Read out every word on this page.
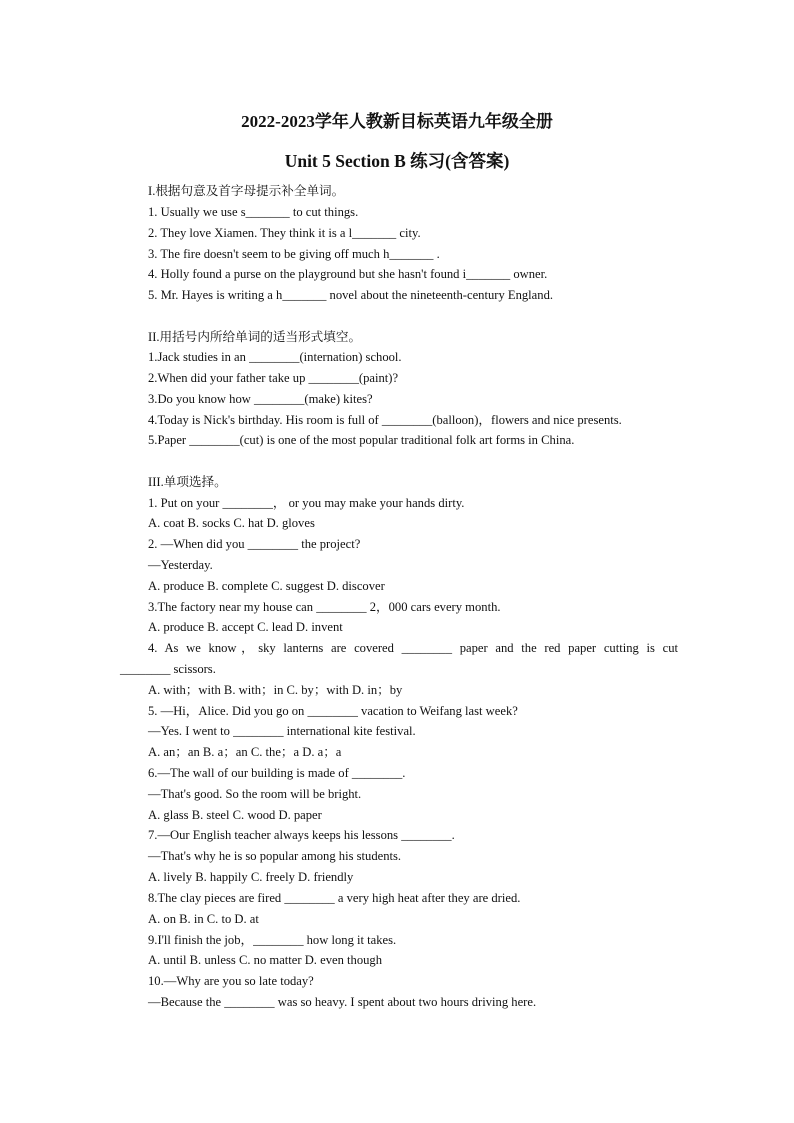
2022-2023学年人教新目标英语九年级全册
Unit 5 Section B 练习(含答案)
I.根据句意及首字母提示补全单词。
1. Usually we use s_______ to cut things.
2. They love Xiamen. They think it is a l_______ city.
3. The fire doesn't seem to be giving off much h_______ .
4. Holly found a purse on the playground but she hasn't found i_______ owner.
5. Mr. Hayes is writing a h_______ novel about the nineteenth-century England.
II.用括号内所给单词的适当形式填空。
1.Jack studies in an ________(internation) school.
2.When did your father take up ________(paint)?
3.Do you know how ________(make) kites?
4.Today is Nick's birthday. His room is full of ________(balloon)，flowers and nice presents.
5.Paper ________(cut) is one of the most popular traditional folk art forms in China.
III.单项选择。
1. Put on your ________， or you may make your hands dirty.
A. coat B. socks C. hat D. gloves
2. —When did you ________ the project?
—Yesterday.
A. produce B. complete C. suggest D. discover
3.The factory near my house can ________ 2，000 cars every month.
A. produce B. accept C. lead D. invent
4. As we know，sky lanterns are covered ________ paper and the red paper cutting is cut
________ scissors.
A. with；with B. with；in C. by；with D. in；by
5. —Hi，Alice. Did you go on ________ vacation to Weifang last week?
—Yes. I went to ________ international kite festival.
A. an；an B. a；an C. the；a D. a；a
6.—The wall of our building is made of ________.
—That's good. So the room will be bright.
A. glass B. steel C. wood D. paper
7.—Our English teacher always keeps his lessons ________.
—That's why he is so popular among his students.
A. lively B. happily C. freely D. friendly
8.The clay pieces are fired ________ a very high heat after they are dried.
A. on B. in C. to D. at
9.I'll finish the job，________ how long it takes.
A. until B. unless C. no matter D. even though
10.—Why are you so late today?
—Because the ________ was so heavy. I spent about two hours driving here.
